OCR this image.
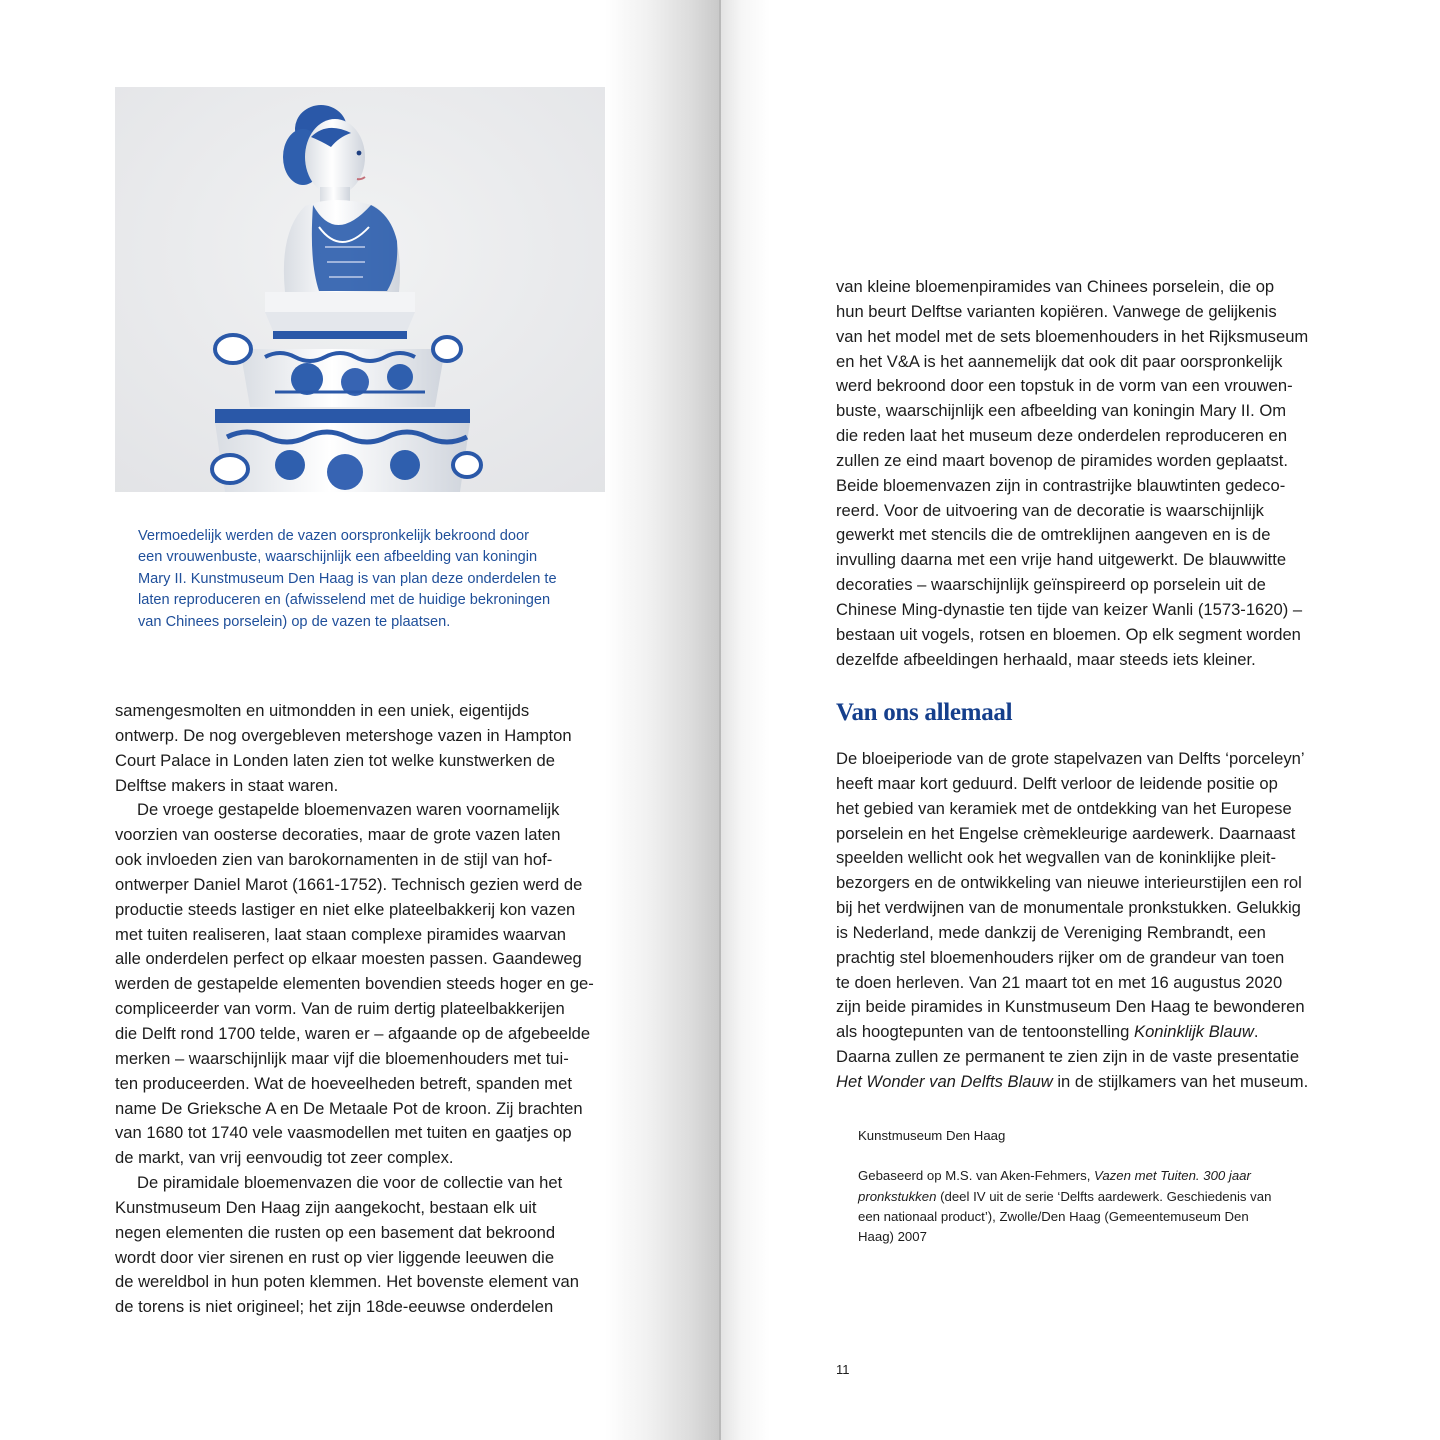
Vermoedelijk werden de vazen oorspronkelijk bekroond door

een vrouwenbuste, waarschijnlijk een afbeelding van koningin

Mary II. Kunstmuseum Den Haag is van plan deze onderdelen te

laten reproduceren en (afwisselend met de huidige bekroningen

van Chinees porselein) op de vazen te plaatsen.

samengesmolten en uitmondden in een uniek, eigentijds

ontwerp. De nog overgebleven metershoge vazen in Hampton

Court Palace in Londen laten zien tot welke kunstwerken de

Delftse makers in staat waren.

De vroege gestapelde bloemenvazen waren voornamelijk

voorzien van oosterse decoraties, maar de grote vazen laten

ook invloeden zien van barokornamenten in de stijl van hof-

ontwerper Daniel Marot (1661-1752). Technisch gezien werd de

productie steeds lastiger en niet elke plateelbakkerij kon vazen

met tuiten realiseren, laat staan complexe piramides waarvan

alle onderdelen perfect op elkaar moesten passen. Gaandeweg

werden de gestapelde elementen bovendien steeds hoger en ge-

compliceerder van vorm. Van de ruim dertig plateelbakkerijen

die Delft rond 1700 telde, waren er – afgaande op de afgebeelde

merken – waarschijnlijk maar vijf die bloemenhouders met tui-

ten produceerden. Wat de hoeveelheden betreft, spanden met

name De Grieksche A en De Metaale Pot de kroon. Zij brachten

van 1680 tot 1740 vele vaasmodellen met tuiten en gaatjes op

de markt, van vrij eenvoudig tot zeer complex.

De piramidale bloemenvazen die voor de collectie van het

Kunstmuseum Den Haag zijn aangekocht, bestaan elk uit

negen elementen die rusten op een basement dat bekroond

wordt door vier sirenen en rust op vier liggende leeuwen die

de wereldbol in hun poten klemmen. Het bovenste element van

de torens is niet origineel; het zijn 18de-eeuwse onderdelen

van kleine bloemenpiramides van Chinees porselein, die op

hun beurt Delftse varianten kopiëren. Vanwege de gelijkenis

van het model met de sets bloemenhouders in het Rijksmuseum

en het V&A is het aannemelijk dat ook dit paar oorspronkelijk

werd bekroond door een topstuk in de vorm van een vrouwen-

buste, waarschijnlijk een afbeelding van koningin Mary II. Om

die reden laat het museum deze onderdelen reproduceren en

zullen ze eind maart bovenop de piramides worden geplaatst.

Beide bloemenvazen zijn in contrastrijke blauwtinten gedeco-

reerd. Voor de uitvoering van de decoratie is waarschijnlijk

gewerkt met stencils die de omtreklijnen aangeven en is de

invulling daarna met een vrije hand uitgewerkt. De blauwwitte

decoraties – waarschijnlijk geïnspireerd op porselein uit de

Chinese Ming-dynastie ten tijde van keizer Wanli (1573-1620) –

bestaan uit vogels, rotsen en bloemen. Op elk segment worden

dezelfde afbeeldingen herhaald, maar steeds iets kleiner.

Van ons allemaal

De bloeiperiode van de grote stapelvazen van Delfts ‘porceleyn’

heeft maar kort geduurd. Delft verloor de leidende positie op

het gebied van keramiek met de ontdekking van het Europese

porselein en het Engelse crèmekleurige aardewerk. Daarnaast

speelden wellicht ook het wegvallen van de koninklijke pleit-

bezorgers en de ontwikkeling van nieuwe interieurstijlen een rol

bij het verdwijnen van de monumentale pronkstukken. Gelukkig

is Nederland, mede dankzij de Vereniging Rembrandt, een

prachtig stel bloemenhouders rijker om de grandeur van toen

te doen herleven. Van 21 maart tot en met 16 augustus 2020

zijn beide piramides in Kunstmuseum Den Haag te bewonderen

als hoogtepunten van de tentoonstelling Koninklijk Blauw.

Daarna zullen ze permanent te zien zijn in de vaste presentatie

Het Wonder van Delfts Blauw in de stijlkamers van het museum.

Kunstmuseum Den Haag

Gebaseerd op M.S. van Aken-Fehmers, Vazen met Tuiten. 300 jaar

pronkstukken (deel IV uit de serie ‘Delfts aardewerk. Geschiedenis van

een nationaal product’), Zwolle/Den Haag (Gemeentemuseum Den

Haag) 2007

11
